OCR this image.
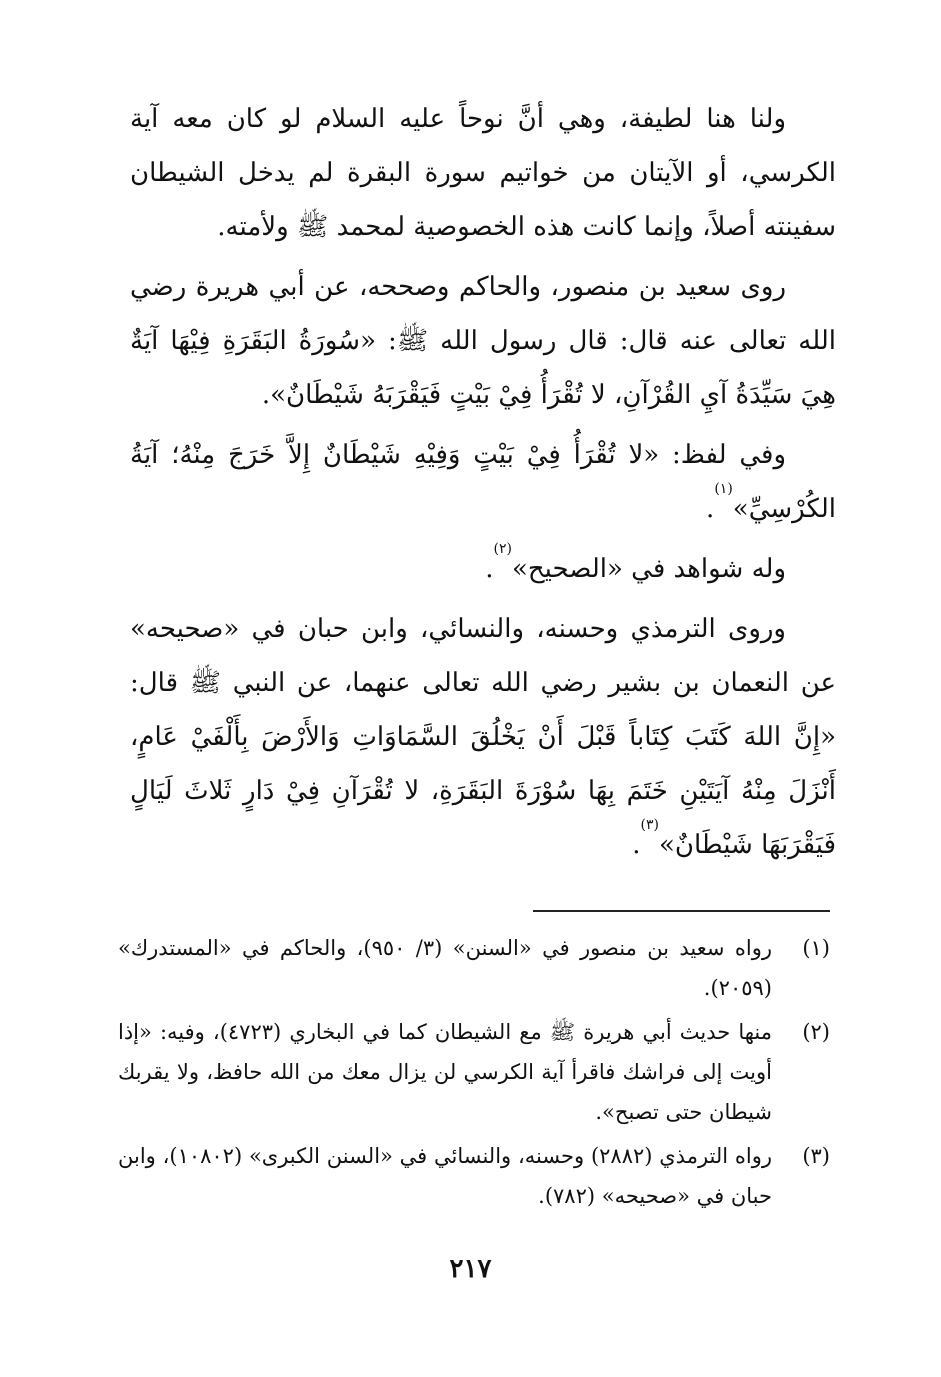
ولنا هنا لطيفة، وهي أنَّ نوحاً عليه السلام لو كان معه آية الكرسي، أو الآيتان من خواتيم سورة البقرة لم يدخل الشيطان سفينته أصلاً، وإنما كانت هذه الخصوصية لمحمد ﷺ ولأمته.

روى سعيد بن منصور، والحاكم وصححه، عن أبي هريرة رضي الله تعالى عنه قال: قال رسول الله ﷺ: «سُورَةُ البَقَرَةِ فِيْهَا آيَةٌ هِيَ سَيِّدَةُ آيِ القُرْآنِ، لا تُقْرَأُ فِيْ بَيْتٍ فَيَقْرَبَهُ شَيْطَانٌ».

وفي لفظ: «لا تُقْرَأُ فِيْ بَيْتٍ وَفِيْهِ شَيْطَانٌ إِلاَّ خَرَجَ مِنْهُ؛ آيَةُ الكُرْسِيِّ»$^{(١)}$.

وله شواهد في «الصحيح»$^{(٢)}$.

وروى الترمذي وحسنه، والنسائي، وابن حبان في «صحيحه» عن النعمان بن بشير رضي الله تعالى عنهما، عن النبي ﷺ قال: «إِنَّ اللهَ كَتَبَ كِتَاباً قَبْلَ أَنْ يَخْلُقَ السَّمَاوَاتِ وَالأَرْضَ بِأَلْفَيْ عَامٍ، أَنْزَلَ مِنْهُ آيَتَيْنِ خَتَمَ بِهَا سُوْرَةَ البَقَرَةِ، لا تُقْرَآنِ فِيْ دَارٍ ثَلاثَ لَيَالٍ فَيَقْرَبَهَا شَيْطَانٌ»$^{(٣)}$.

(١)
رواه سعيد بن منصور في «السنن» (٣/ ٩٥٠)، والحاكم في «المستدرك» (٢٠٥٩).
(٢)
منها حديث أبي هريرة ﷺ مع الشيطان كما في البخاري (٤٧٢٣)، وفيه: «إذا أويت إلى فراشك فاقرأ آية الكرسي لن يزال معك من الله حافظ، ولا يقربك شيطان حتى تصبح».
(٣)
رواه الترمذي (٢٨٨٢) وحسنه، والنسائي في «السنن الكبرى» (١٠٨٠٢)، وابن حبان في «صحيحه» (٧٨٢).
٢١٧
